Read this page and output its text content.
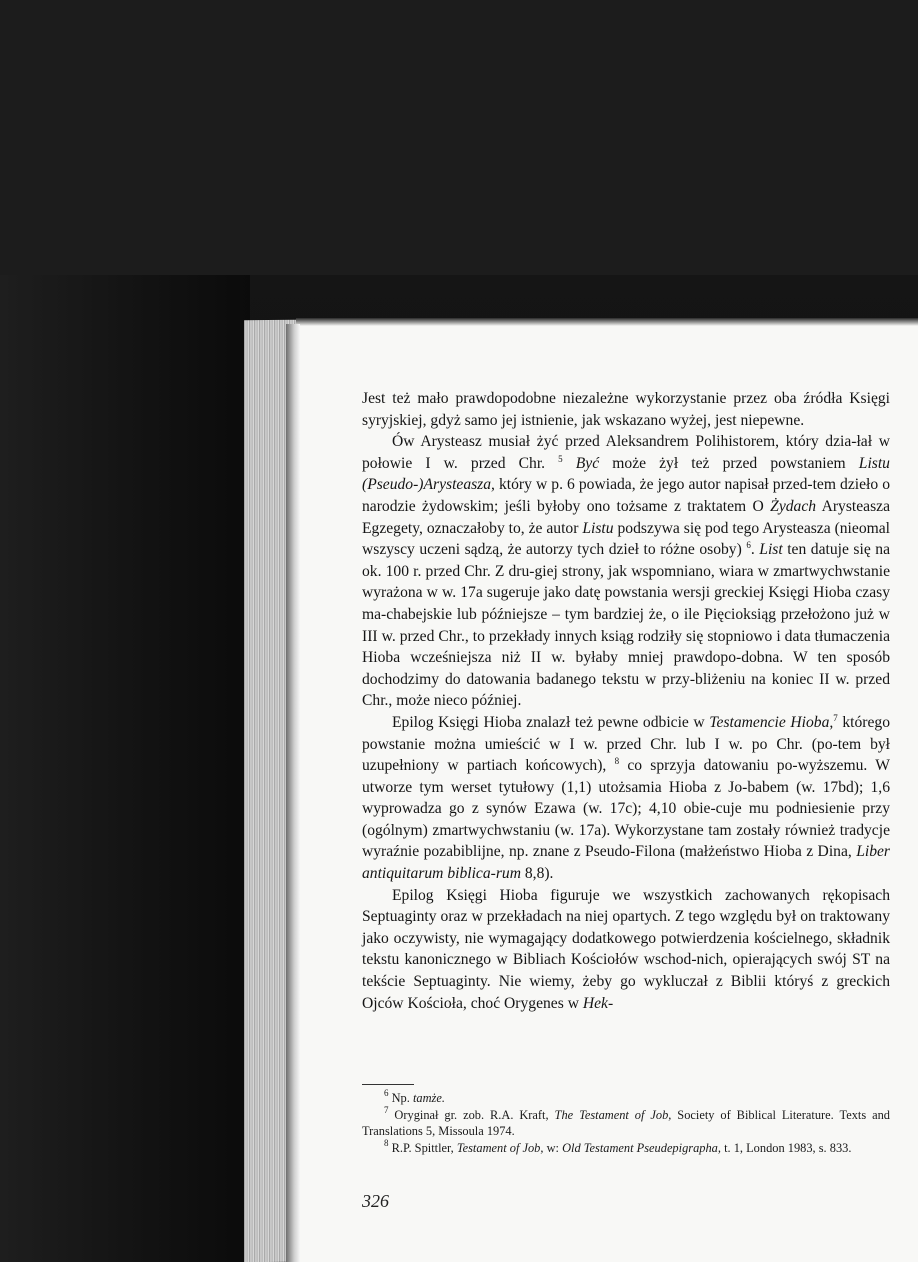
Jest też mało prawdopodobne niezależne wykorzystanie przez oba źródła Księgi syryjskiej, gdyż samo jej istnienie, jak wskazano wyżej, jest niepewne.

Ów Arysteasz musiał żyć przed Aleksandrem Polihistorem, który dzia-łał w połowie I w. przed Chr. $^5$ Być może żył też przed powstaniem Listu (Pseudo-)Arysteasza, który w p. 6 powiada, że jego autor napisał przed-tem dzieło o narodzie żydowskim; jeśli byłoby ono tożsame z traktatem O Żydach Arysteasza Egzegety, oznaczałoby to, że autor Listu podszywa się pod tego Arysteasza (nieomal wszyscy uczeni sądzą, że autorzy tych dzieł to różne osoby) $^6$. List ten datuje się na ok. 100 r. przed Chr. Z dru-giej strony, jak wspomniano, wiara w zmartwychwstanie wyrażona w w. 17a sugeruje jako datę powstania wersji greckiej Księgi Hioba czasy ma-chabejskie lub późniejsze – tym bardziej że, o ile Pięcioksiąg przełożono już w III w. przed Chr., to przekłady innych ksiąg rodziły się stopniowo i data tłumaczenia Hioba wcześniejsza niż II w. byłaby mniej prawdopo-dobna. W ten sposób dochodzimy do datowania badanego tekstu w przy-bliżeniu na koniec II w. przed Chr., może nieco później.

Epilog Księgi Hioba znalazł też pewne odbicie w Testamencie Hioba,$^7$ którego powstanie można umieścić w I w. przed Chr. lub I w. po Chr. (po-tem był uzupełniony w partiach końcowych), $^8$ co sprzyja datowaniu po-wyższemu. W utworze tym werset tytułowy (1,1) utożsamia Hioba z Jo-babem (w. 17bd); 1,6 wyprowadza go z synów Ezawa (w. 17c); 4,10 obie-cuje mu podniesienie przy (ogólnym) zmartwychwstaniu (w. 17a). Wykorzystane tam zostały również tradycje wyraźnie pozabiblijne, np. znane z Pseudo-Filona (małżeństwo Hioba z Dina, Liber antiquitarum biblica-rum 8,8).

Epilog Księgi Hioba figuruje we wszystkich zachowanych rękopisach Septuaginty oraz w przekładach na niej opartych. Z tego względu był on traktowany jako oczywisty, nie wymagający dodatkowego potwierdzenia kościelnego, składnik tekstu kanonicznego w Bibliach Kościołów wschod-nich, opierających swój ST na tekście Septuaginty. Nie wiemy, żeby go wykluczał z Biblii któryś z greckich Ojców Kościoła, choć Orygenes w Hek-

$^6$ Np. tamże.

$^7$ Oryginał gr. zob. R.A. Kraft, The Testament of Job, Society of Biblical Literature. Texts and Translations 5, Missoula 1974.

$^8$ R.P. Spittler, Testament of Job, w: Old Testament Pseudepigrapha, t. 1, London 1983, s. 833.

326
